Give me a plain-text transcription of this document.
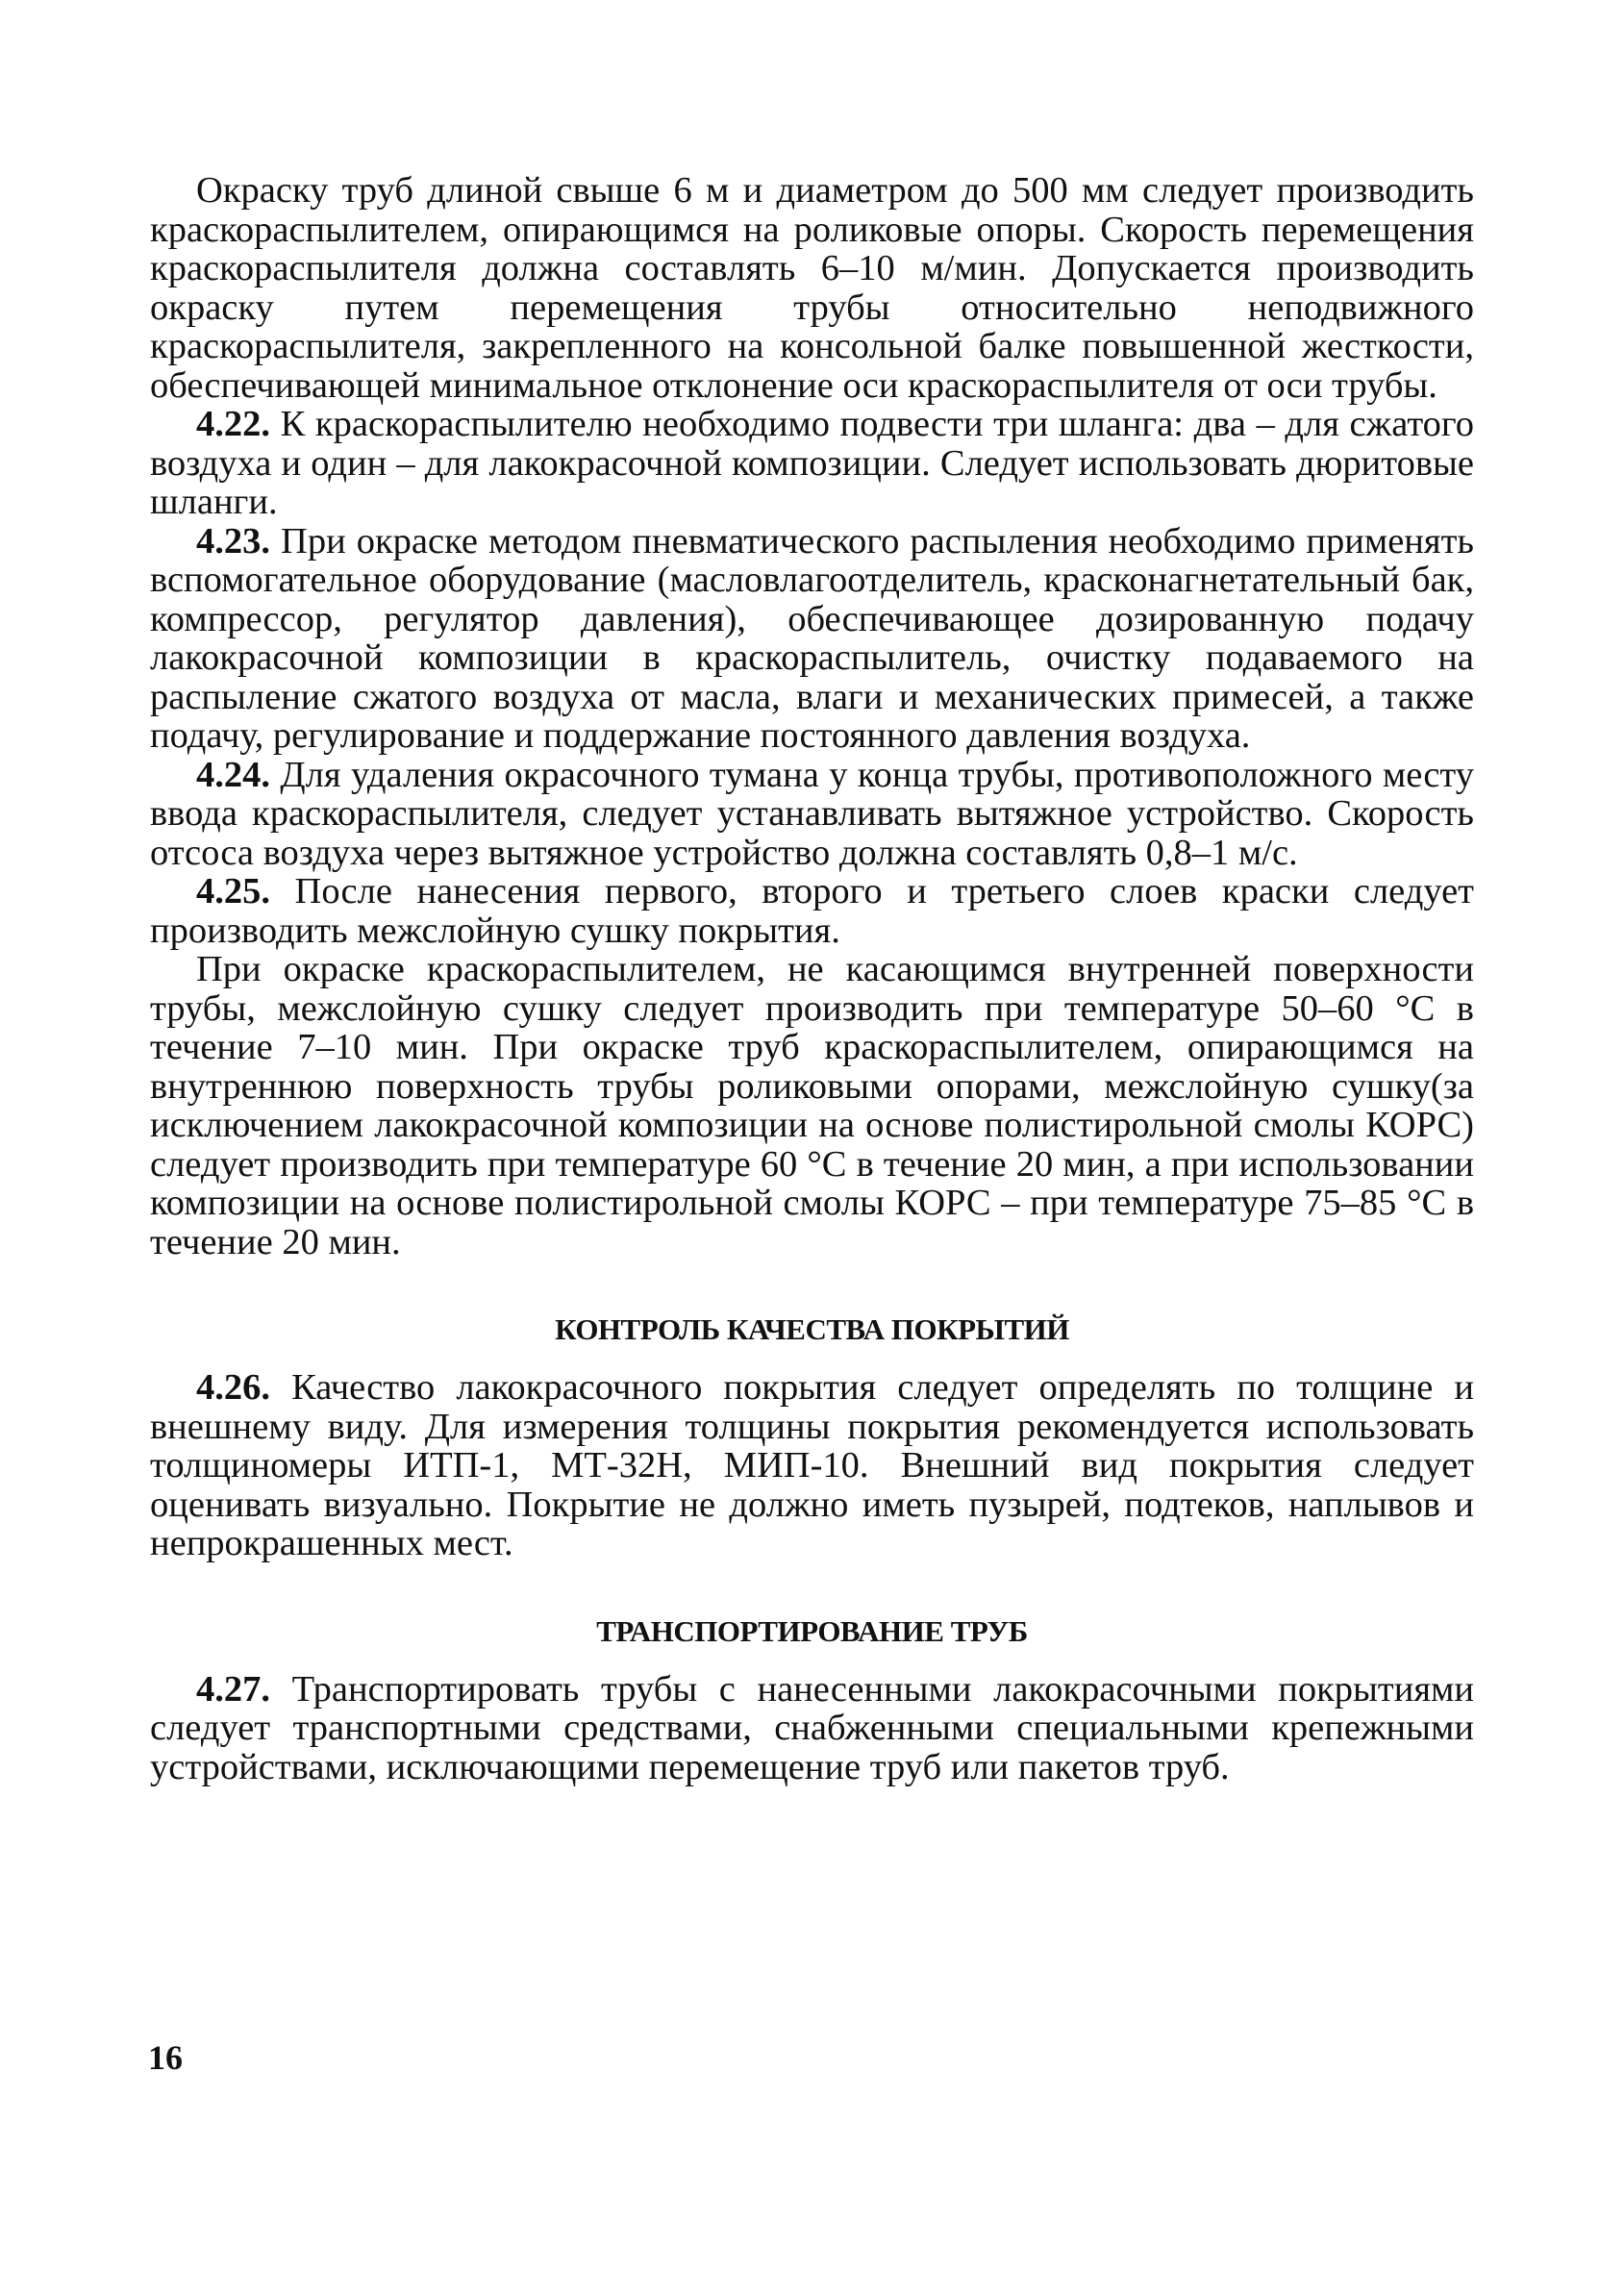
Окраску труб длиной свыше 6 м и диаметром до 500 мм следует производить краскораспылителем, опирающимся на роликовые опоры. Скорость перемещения краскораспылителя должна составлять 6–10 м/мин. Допускается производить окраску путем перемещения трубы относительно неподвижного краскораспылителя, закрепленного на консольной балке повышенной жесткости, обеспечивающей минимальное отклонение оси краскораспылителя от оси трубы.

4.22. К краскораспылителю необходимо подвести три шланга: два – для сжатого воздуха и один – для лакокрасочной композиции. Следует использовать дюритовые шланги.

4.23. При окраске методом пневматического распыления необходимо применять вспомогательное оборудование (масловлагоотделитель, красконагнетательный бак, компрессор, регулятор давления), обеспечивающее дозированную подачу лакокрасочной композиции в краскораспылитель, очистку подаваемого на распыление сжатого воздуха от масла, влаги и механических примесей, а также подачу, регулирование и поддержание постоянного давления воздуха.

4.24. Для удаления окрасочного тумана у конца трубы, противоположного месту ввода краскораспылителя, следует устанавливать вытяжное устройство. Скорость отсоса воздуха через вытяжное устройство должна составлять 0,8–1 м/с.

4.25. После нанесения первого, второго и третьего слоев краски следует производить межслойную сушку покрытия.

При окраске краскораспылителем, не касающимся внутренней поверхности трубы, межслойную сушку следует производить при температуре 50–60 °С в течение 7–10 мин. При окраске труб краскораспылителем, опирающимся на внутреннюю поверхность трубы роликовыми опорами, межслойную сушку(за исключением лакокрасочной композиции на основе полистирольной смолы КОРС) следует производить при температуре 60 °С в течение 20 мин, а при использовании композиции на основе полистирольной смолы КОРС – при температуре 75–85 °С в течение 20 мин.

КОНТРОЛЬ КАЧЕСТВА ПОКРЫТИЙ

4.26. Качество лакокрасочного покрытия следует определять по толщине и внешнему виду. Для измерения толщины покрытия рекомендуется использовать толщиномеры ИТП-1, МТ-32Н, МИП-10. Внешний вид покрытия следует оценивать визуально. Покрытие не должно иметь пузырей, подтеков, наплывов и непрокрашенных мест.

ТРАНСПОРТИРОВАНИЕ ТРУБ

4.27. Транспортировать трубы с нанесенными лакокрасочными покрытиями следует транспортными средствами, снабженными специальными крепежными устройствами, исключающими перемещение труб или пакетов труб.

16
